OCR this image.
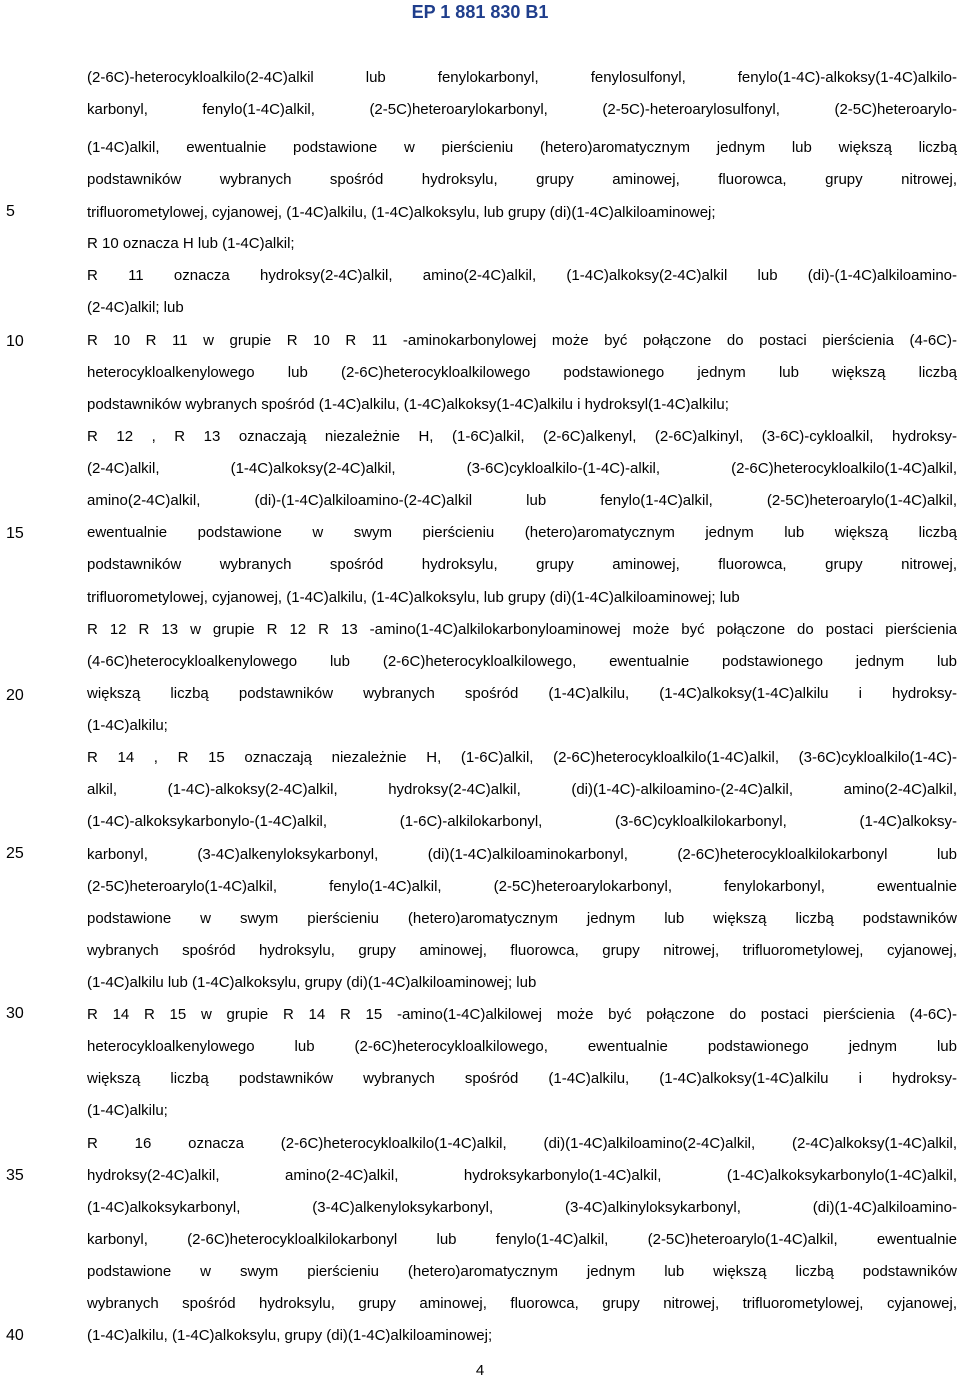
EP 1 881 830 B1
5
10
15
20
25
30
35
40
(2-6C)-heterocykloalkilo(2-4C)alkil lub fenylokarbonyl, fenylosulfonyl, fenylo(1-4C)-alkoksy(1-4C)alkilo-
karbonyl, fenylo(1-4C)alkil, (2-5C)heteroarylokarbonyl, (2-5C)-heteroarylosulfonyl, (2-5C)heteroarylo-
(1-4C)alkil, ewentualnie podstawione w pierścieniu (hetero)aromatycznym jednym lub większą liczbą
podstawników wybranych spośród hydroksylu, grupy aminowej, fluorowca, grupy nitrowej,
trifluorometylowej, cyjanowej, (1-4C)alkilu, (1-4C)alkoksylu, lub grupy (di)(1-4C)alkiloaminowej;
R 10 oznacza H lub (1-4C)alkil;
R 11 oznacza hydroksy(2-4C)alkil, amino(2-4C)alkil, (1-4C)alkoksy(2-4C)alkil lub (di)-(1-4C)alkiloamino-
(2-4C)alkil; lub
R 10 R 11 w grupie R 10 R 11 -aminokarbonylowej może być połączone do postaci pierścienia (4-6C)-
heterocykloalkenylowego lub (2-6C)heterocykloalkilowego podstawionego jednym lub większą liczbą
podstawników wybranych spośród (1-4C)alkilu, (1-4C)alkoksy(1-4C)alkilu i hydroksyl(1-4C)alkilu;
R 12 , R 13 oznaczają niezależnie H, (1-6C)alkil, (2-6C)alkenyl, (2-6C)alkinyl, (3-6C)-cykloalkil, hydroksy-
(2-4C)alkil, (1-4C)alkoksy(2-4C)alkil, (3-6C)cykloalkilo-(1-4C)-alkil, (2-6C)heterocykloalkilo(1-4C)alkil,
amino(2-4C)alkil, (di)-(1-4C)alkiloamino-(2-4C)alkil lub fenylo(1-4C)alkil, (2-5C)heteroarylo(1-4C)alkil,
ewentualnie podstawione w swym pierścieniu (hetero)aromatycznym jednym lub większą liczbą
podstawników wybranych spośród hydroksylu, grupy aminowej, fluorowca, grupy nitrowej,
trifluorometylowej, cyjanowej, (1-4C)alkilu, (1-4C)alkoksylu, lub grupy (di)(1-4C)alkiloaminowej; lub
R 12 R 13 w grupie R 12 R 13 -amino(1-4C)alkilokarbonyloaminowej może być połączone do postaci pierścienia
(4-6C)heterocykloalkenylowego lub (2-6C)heterocykloalkilowego, ewentualnie podstawionego jednym lub
większą liczbą podstawników wybranych spośród (1-4C)alkilu, (1-4C)alkoksy(1-4C)alkilu i hydroksy-
(1-4C)alkilu;
R 14 , R 15 oznaczają niezależnie H, (1-6C)alkil, (2-6C)heterocykloalkilo(1-4C)alkil, (3-6C)cykloalkilo(1-4C)-
alkil, (1-4C)-alkoksy(2-4C)alkil, hydroksy(2-4C)alkil, (di)(1-4C)-alkiloamino-(2-4C)alkil, amino(2-4C)alkil,
(1-4C)-alkoksykarbonylo-(1-4C)alkil, (1-6C)-alkilokarbonyl, (3-6C)cykloalkilokarbonyl, (1-4C)alkoksy-
karbonyl, (3-4C)alkenyloksykarbonyl, (di)(1-4C)alkiloaminokarbonyl, (2-6C)heterocykloalkilokarbonyl lub
(2-5C)heteroarylo(1-4C)alkil, fenylo(1-4C)alkil, (2-5C)heteroarylokarbonyl, fenylokarbonyl, ewentualnie
podstawione w swym pierścieniu (hetero)aromatycznym jednym lub większą liczbą podstawników
wybranych spośród hydroksylu, grupy aminowej, fluorowca, grupy nitrowej, trifluorometylowej, cyjanowej,
(1-4C)alkilu lub (1-4C)alkoksylu, grupy (di)(1-4C)alkiloaminowej; lub
R 14 R 15 w grupie R 14 R 15 -amino(1-4C)alkilowej może być połączone do postaci pierścienia (4-6C)-
heterocykloalkenylowego lub (2-6C)heterocykloalkilowego, ewentualnie podstawionego jednym lub
większą liczbą podstawników wybranych spośród (1-4C)alkilu, (1-4C)alkoksy(1-4C)alkilu i hydroksy-
(1-4C)alkilu;
R 16 oznacza (2-6C)heterocykloalkilo(1-4C)alkil, (di)(1-4C)alkiloamino(2-4C)alkil, (2-4C)alkoksy(1-4C)alkil,
hydroksy(2-4C)alkil, amino(2-4C)alkil, hydroksykarbonylo(1-4C)alkil, (1-4C)alkoksykarbonylo(1-4C)alkil,
(1-4C)alkoksykarbonyl, (3-4C)alkenyloksykarbonyl, (3-4C)alkinyloksykarbonyl, (di)(1-4C)alkiloamino-
karbonyl, (2-6C)heterocykloalkilokarbonyl lub fenylo(1-4C)alkil, (2-5C)heteroarylo(1-4C)alkil, ewentualnie
podstawione w swym pierścieniu (hetero)aromatycznym jednym lub większą liczbą podstawników
wybranych spośród hydroksylu, grupy aminowej, fluorowca, grupy nitrowej, trifluorometylowej, cyjanowej,
(1-4C)alkilu, (1-4C)alkoksylu, grupy (di)(1-4C)alkiloaminowej;
4
